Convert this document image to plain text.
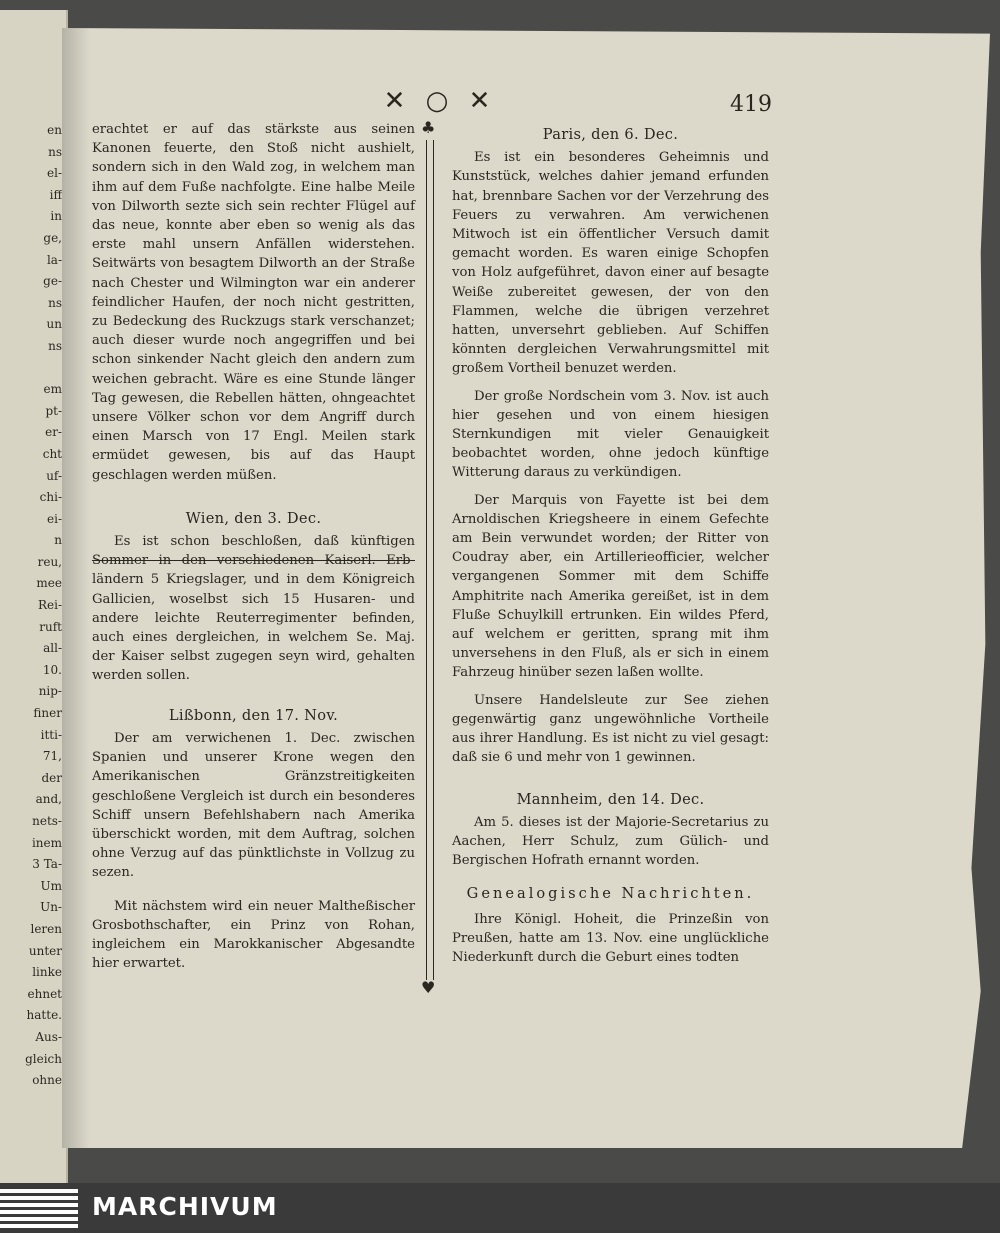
en
ns
el-
iff
in
ge,
la-
ge-
ns
un
ns

em
pt-
er-
cht
uf-
chi-
ei-
n
reu,
mee
Rei-
ruft
all-
10.
nip-
finer
itti-
71,
der
and,
nets-
inem
3 Ta-
Um
Un-
leren
unter
linke
ehnet
hatte.
Aus-
gleich
ohne
✕ ○ ✕	419

erachtet er auf das stärkste aus seinen Kanonen feuerte, den Stoß nicht aushielt, sondern sich in den Wald zog, in welchem man ihm auf dem Fuße nachfolgte. Eine halbe Meile von Dilworth sezte sich sein rechter Flügel auf das neue, konnte aber eben so wenig als das erste mahl unsern Anfällen widerstehen. Seitwärts von besagtem Dilworth an der Straße nach Chester und Wilmington war ein anderer feindlicher Haufen, der noch nicht gestritten, zu Bedeckung des Ruckzugs stark verschanzet; auch dieser wurde noch angegriffen und bei schon sinkender Nacht gleich den andern zum weichen gebracht. Wäre es eine Stunde länger Tag gewesen, die Rebellen hätten, ohngeachtet unsere Völker schon vor dem Angriff durch einen Marsch von 17 Engl. Meilen stark ermüdet gewesen, bis auf das Haupt geschlagen werden müßen.

Wien, den 3. Dec.

Es ist schon beschloßen, daß künftigen Sommer in den verschiedenen Kaiserl. Erb- ländern 5 Kriegslager, und in dem Königreich Gallicien, woselbst sich 15 Husaren- und andere leichte Reuterregimenter befinden, auch eines dergleichen, in welchem Se. Maj. der Kaiser selbst zugegen seyn wird, gehalten werden sollen.

Lißbonn, den 17. Nov.

Der am verwichenen 1. Dec. zwischen Spanien und unserer Krone wegen den Amerikanischen Gränzstreitigkeiten geschloßene Vergleich ist durch ein besonderes Schiff unsern Befehlshabern nach Amerika überschickt worden, mit dem Auftrag, solchen ohne Verzug auf das pünktlichste in Vollzug zu sezen.

Mit nächstem wird ein neuer Maltheßischer Grosbothschafter, ein Prinz von Rohan, ingleichem ein Marokkanischer Abgesandte hier erwartet.

♣
♥
Paris, den 6. Dec.

Es ist ein besonderes Geheimnis und Kunststück, welches dahier jemand erfunden hat, brennbare Sachen vor der Verzehrung des Feuers zu verwahren. Am verwichenen Mitwoch ist ein öffentlicher Versuch damit gemacht worden. Es waren einige Schopfen von Holz aufgeführet, davon einer auf besagte Weiße zubereitet gewesen, der von den Flammen, welche die übrigen verzehret hatten, unversehrt geblieben. Auf Schiffen könnten dergleichen Verwahrungsmittel mit großem Vortheil benuzet werden.

Der große Nordschein vom 3. Nov. ist auch hier gesehen und von einem hiesigen Sternkundigen mit vieler Genauigkeit beobachtet worden, ohne jedoch künftige Witterung daraus zu verkündigen.

Der Marquis von Fayette ist bei dem Arnoldischen Kriegsheere in einem Gefechte am Bein verwundet worden; der Ritter von Coudray aber, ein Artillerieofficier, welcher vergangenen Sommer mit dem Schiffe Amphitrite nach Amerika gereißet, ist in dem Fluße Schuylkill ertrunken. Ein wildes Pferd, auf welchem er geritten, sprang mit ihm unversehens in den Fluß, als er sich in einem Fahrzeug hinüber sezen laßen wollte.

Unsere Handelsleute zur See ziehen gegenwärtig ganz ungewöhnliche Vortheile aus ihrer Handlung. Es ist nicht zu viel gesagt: daß sie 6 und mehr von 1 gewinnen.

Mannheim, den 14. Dec.

Am 5. dieses ist der Majorie-Secretarius zu Aachen, Herr Schulz, zum Gülich- und Bergischen Hofrath ernannt worden.

Genealogische Nachrichten.

Ihre Königl. Hoheit, die Prinzeßin von Preußen, hatte am 13. Nov. eine unglückliche Niederkunft durch die Geburt eines todten

MARCHIVUM
